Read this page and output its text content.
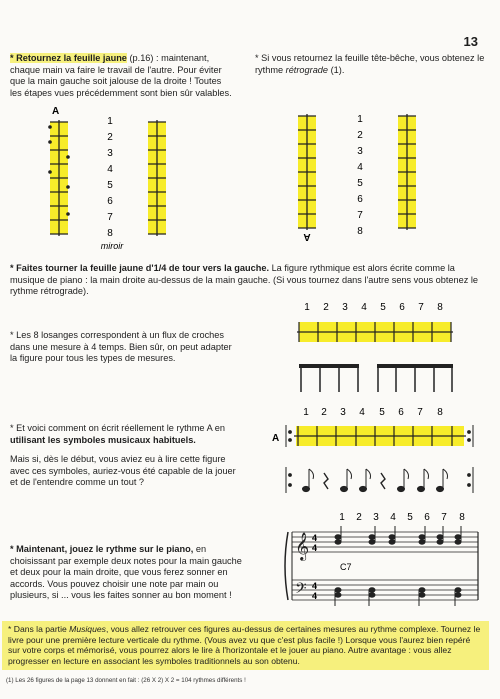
13

* Retournez la feuille jaune (p.16) : maintenant, chaque main va faire le travail de l'autre. Pour éviter que la main gauche soit jalouse de la droite ! Toutes les étapes vues précédemment sont bien sûr valables.

* Si vous retournez la feuille tête-bêche, vous obtenez le rythme rétrograde (1).

A
1
2
3
4
5
6
7
8
miroir
1
2
3
4
5
6
7
8
A

* Faites tourner la feuille jaune d'1/4 de tour vers la gauche. La figure rythmique est alors écrite comme la musique de piano : la main droite au-dessus de la main gauche. (Si vous tournez dans l'autre sens vous obtenez le rythme rétrograde).

1 2 3 4 5 6 7 8

* Les 8 losanges correspondent à un flux de croches dans une mesure à 4 temps. Bien sûr, on peut adapter la figure pour tous les types de mesures.

* Et voici comment on écrit réellement le rythme A en utilisant les symboles musicaux habituels.

Mais si, dès le début, vous aviez eu à lire cette figure avec ces symboles, auriez-vous été capable de la jouer et de l'entendre comme un tout ?

1 2 3 4 5 6 7 8
A

* Maintenant, jouez le rythme sur le piano, en choisissant par exemple deux notes pour la main gauche et deux pour la main droite, que vous ferez sonner en accords. Vous pouvez choisir une note par main ou plusieurs, si ... vous les faites sonner au bon moment !

1 2 3 4 5 6 7 8
𝄞
𝄢
4
4
4
4
C7

* Dans la partie Musiques, vous allez retrouver ces figures au-dessus de certaines mesures au rythme complexe. Tournez le livre pour une première lecture verticale du rythme. (Vous avez vu que c'est plus facile !) Lorsque vous l'aurez bien repéré sur votre corps et mémorisé, vous pourrez alors le lire à l'horizontale et le jouer au piano. Autre avantage : vous allez progresser en lecture en associant les symboles traditionnels au son obtenu.

(1) Les 26 figures de la page 13 donnent en fait : (26 X 2) X 2 = 104 rythmes différents !
